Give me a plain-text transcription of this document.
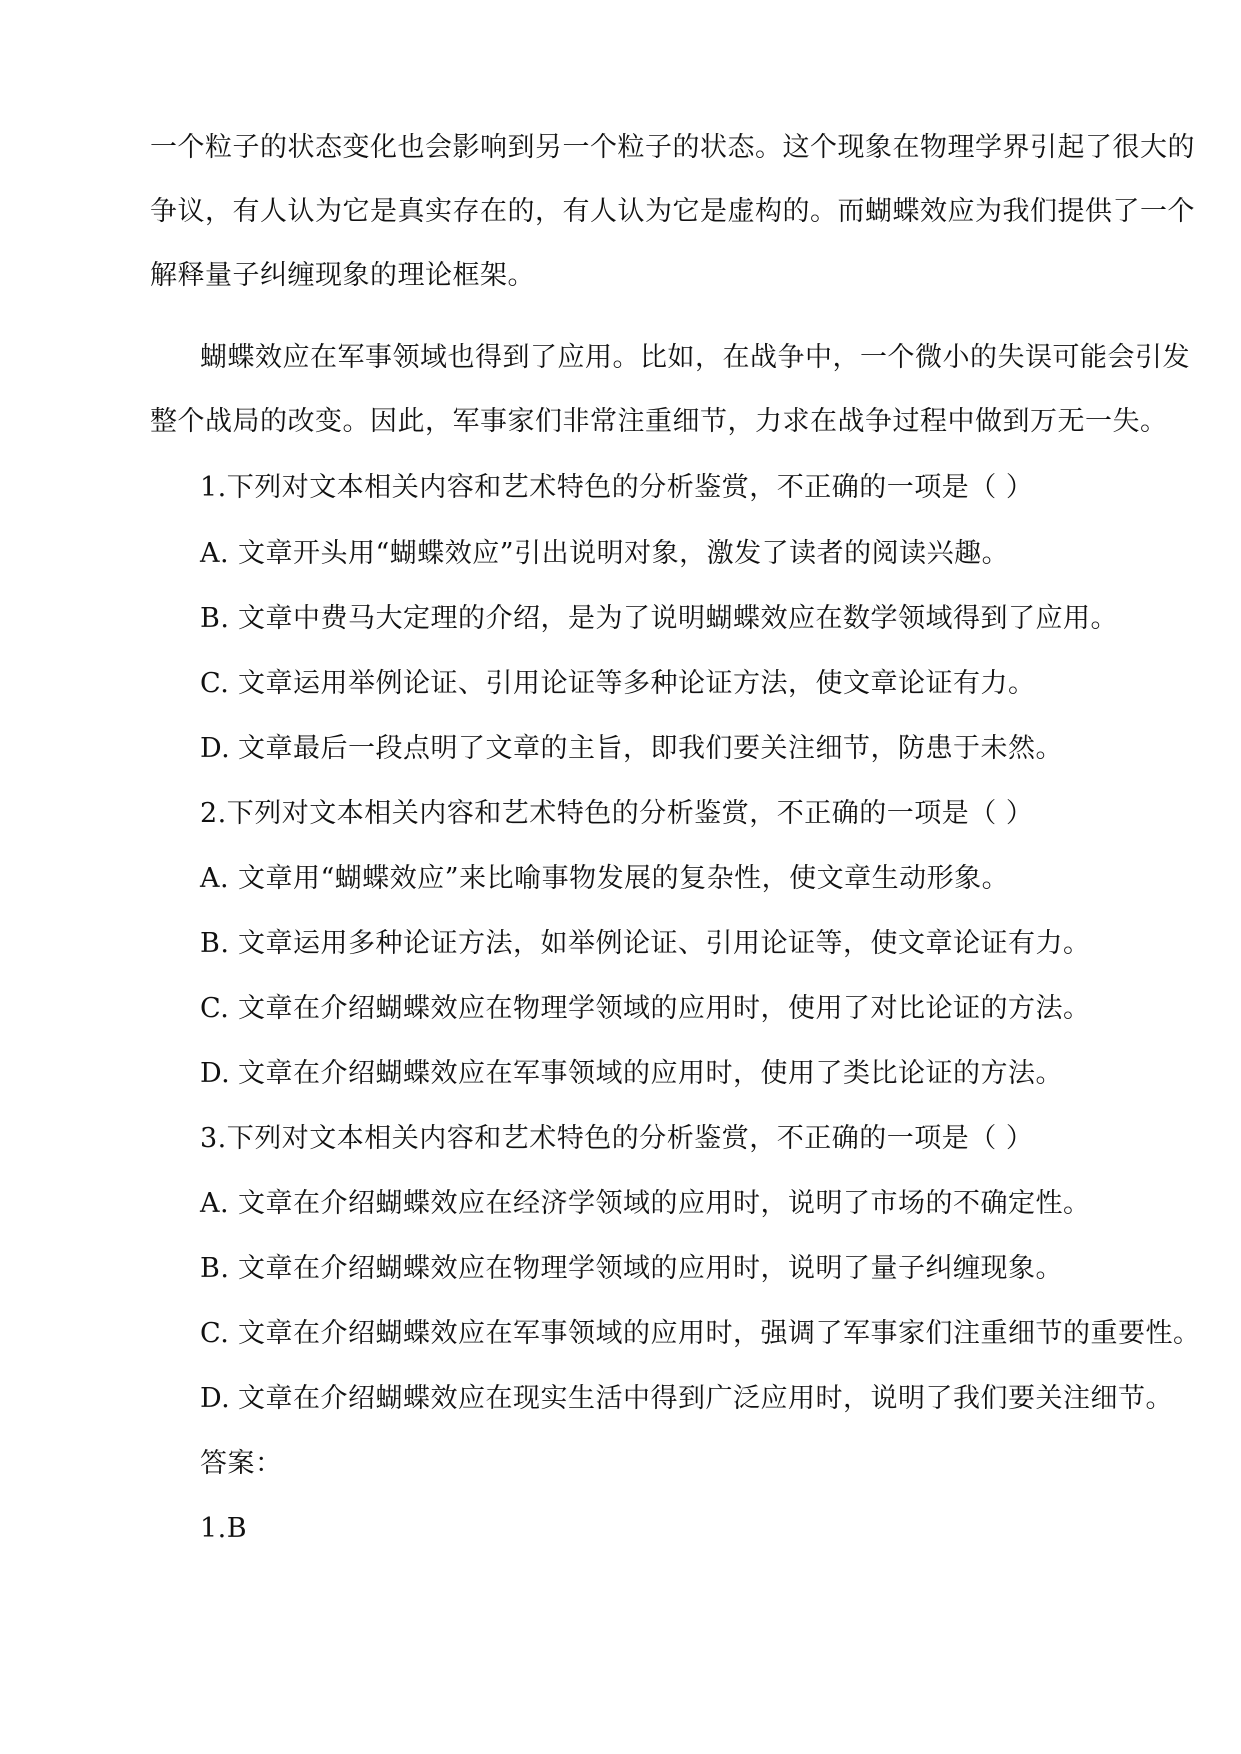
一个粒子的状态变化也会影响到另一个粒子的状态。这个现象在物理学界引起了很大的
争议，有人认为它是真实存在的，有人认为它是虚构的。而蝴蝶效应为我们提供了一个
解释量子纠缠现象的理论框架。
蝴蝶效应在军事领域也得到了应用。比如，在战争中，一个微小的失误可能会引发
整个战局的改变。因此，军事家们非常注重细节，力求在战争过程中做到万无一失。
1.下列对文本相关内容和艺术特色的分析鉴赏，不正确的一项是（ ）
A. 文章开头用“蝴蝶效应”引出说明对象，激发了读者的阅读兴趣。
B. 文章中费马大定理的介绍，是为了说明蝴蝶效应在数学领域得到了应用。
C. 文章运用举例论证、引用论证等多种论证方法，使文章论证有力。
D. 文章最后一段点明了文章的主旨，即我们要关注细节，防患于未然。
2.下列对文本相关内容和艺术特色的分析鉴赏，不正确的一项是（ ）
A. 文章用“蝴蝶效应”来比喻事物发展的复杂性，使文章生动形象。
B. 文章运用多种论证方法，如举例论证、引用论证等，使文章论证有力。
C. 文章在介绍蝴蝶效应在物理学领域的应用时，使用了对比论证的方法。
D. 文章在介绍蝴蝶效应在军事领域的应用时，使用了类比论证的方法。
3.下列对文本相关内容和艺术特色的分析鉴赏，不正确的一项是（ ）
A. 文章在介绍蝴蝶效应在经济学领域的应用时，说明了市场的不确定性。
B. 文章在介绍蝴蝶效应在物理学领域的应用时，说明了量子纠缠现象。
C. 文章在介绍蝴蝶效应在军事领域的应用时，强调了军事家们注重细节的重要性。
D. 文章在介绍蝴蝶效应在现实生活中得到广泛应用时，说明了我们要关注细节。
答案：
1.B
